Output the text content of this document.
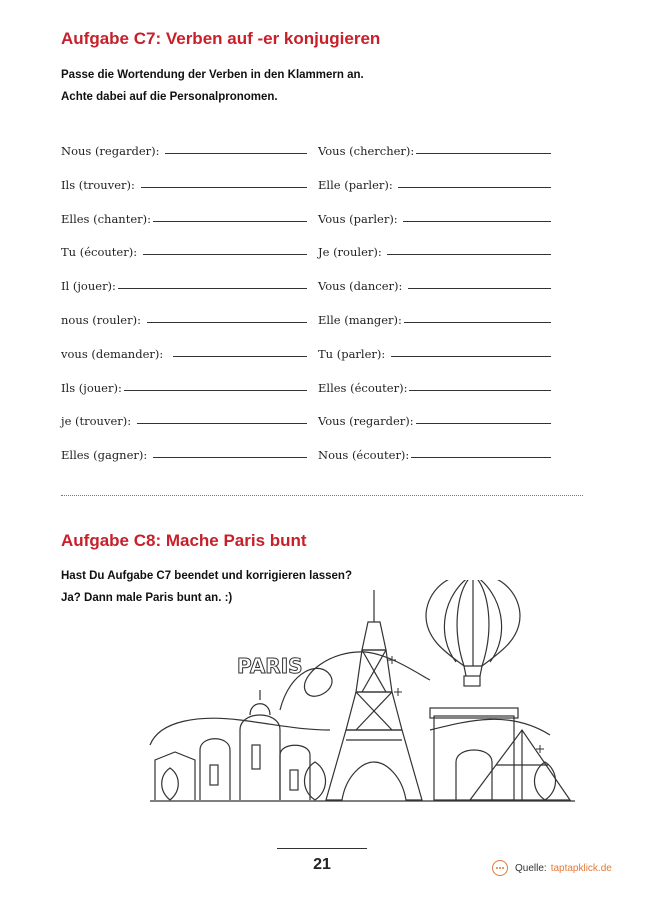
Aufgabe C7: Verben auf -er konjugieren
Passe die Wortendung der Verben in den Klammern an.
Achte dabei auf die Personalpronomen.
Nous (regarder):	Vous (chercher):
Ils (trouver):	Elle (parler):
Elles (chanter):	Vous (parler):
Tu (écouter):	Je (rouler):
Il (jouer):	Vous (dancer):
nous (rouler):	Elle (manger):
vous (demander):	Tu (parler):
Ils (jouer):	Elles (écouter):
je (trouver):	Vous (regarder):
Elles (gagner):	Nous (écouter):
Aufgabe C8: Mache Paris bunt
Hast Du Aufgabe C7 beendet und korrigieren lassen?
Ja? Dann male Paris bunt an. :)
PARIS
21	Quelle: taptapklick.de
